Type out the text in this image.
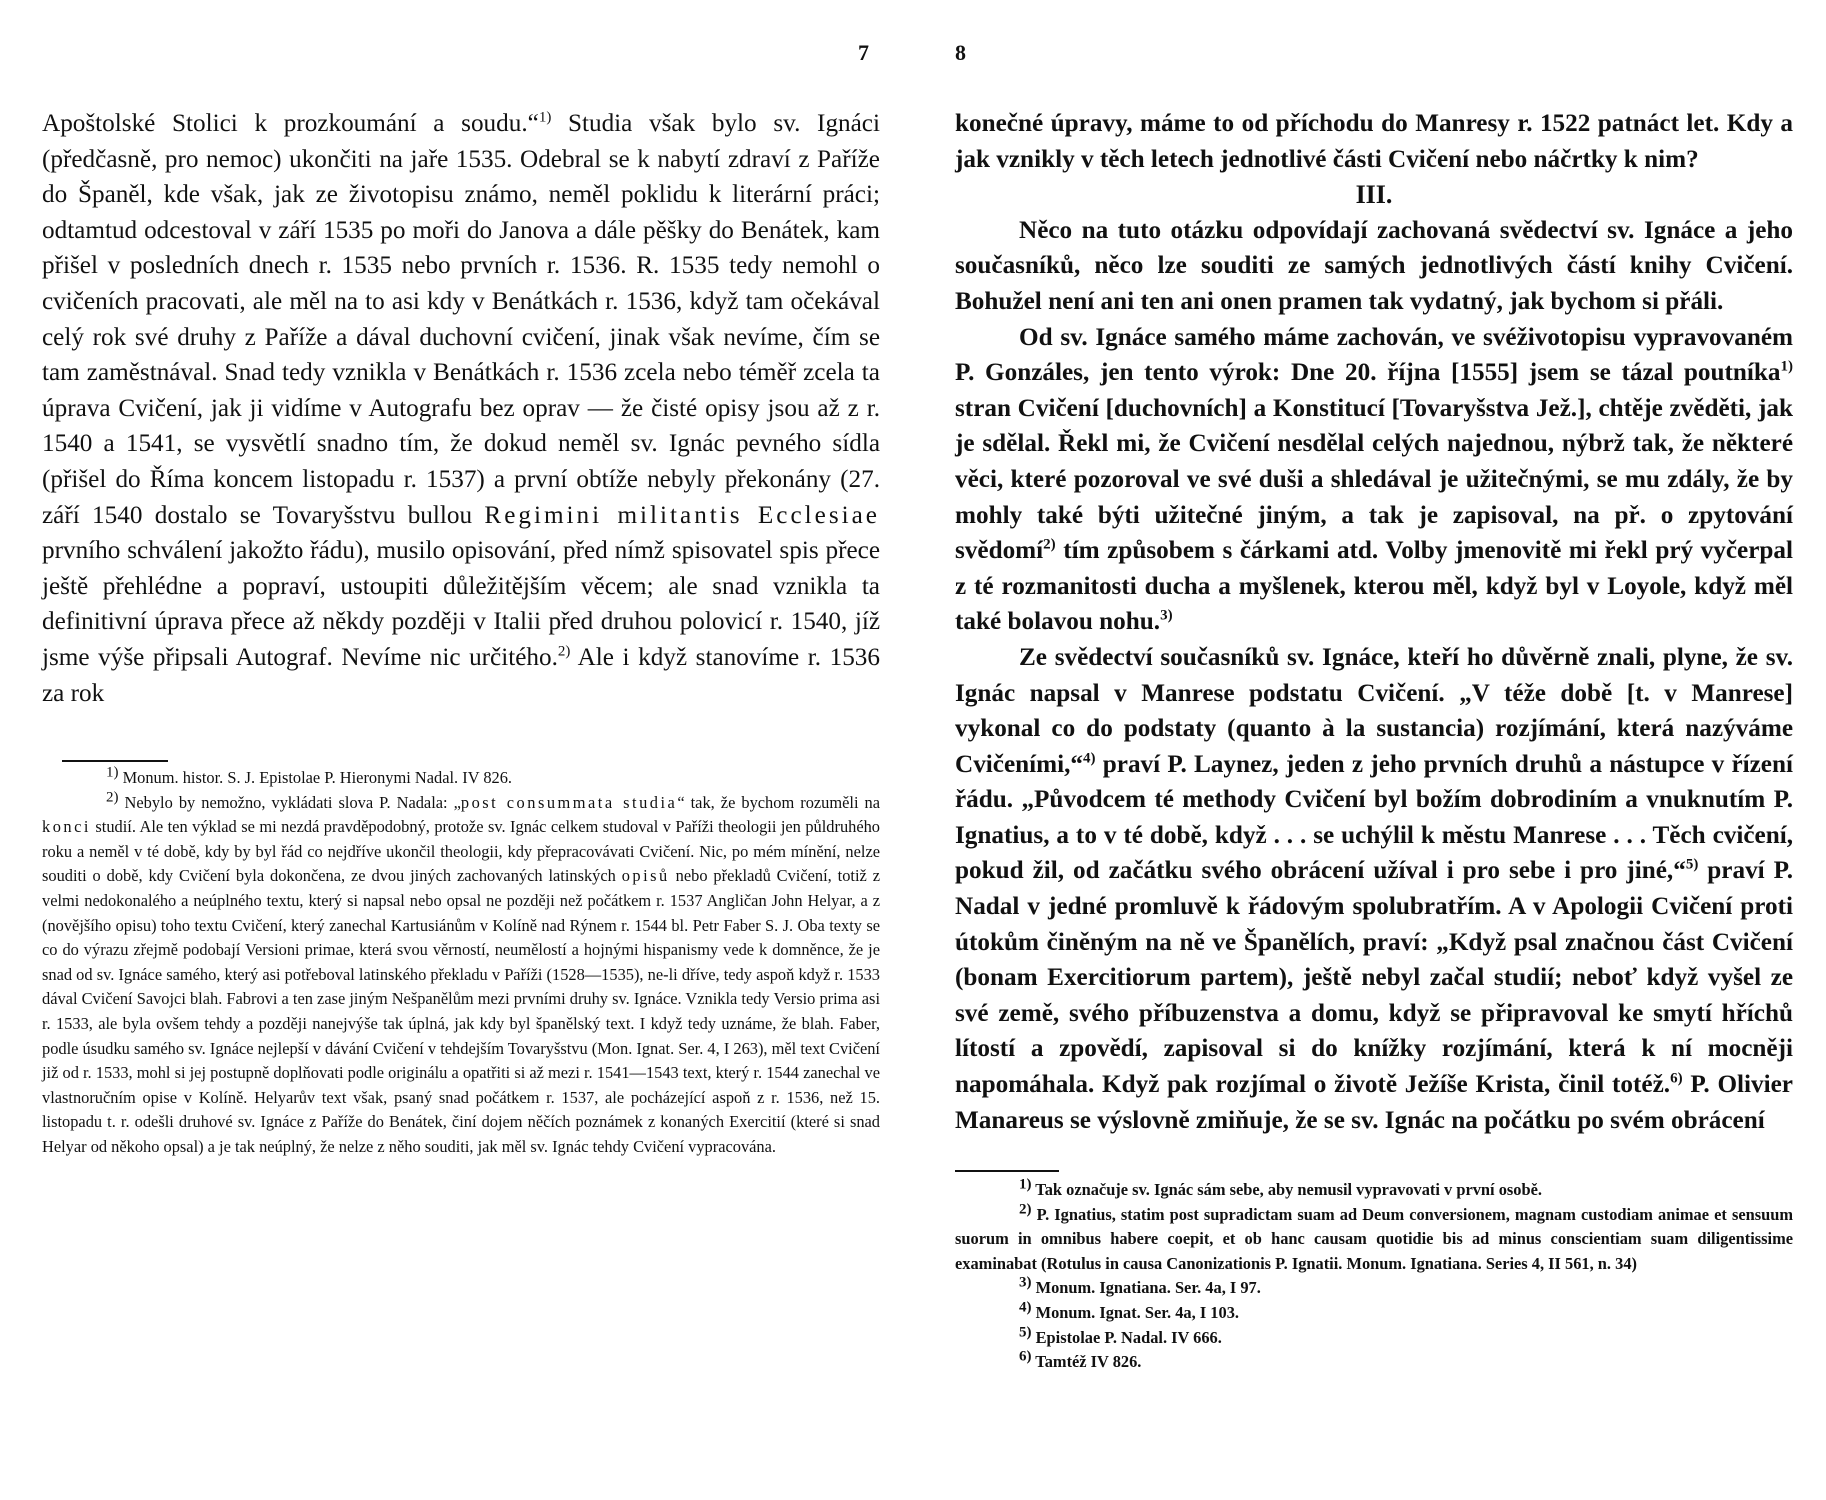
7

Apoštolské Stolici k prozkoumání a soudu.“$^{1)}$ Studia však bylo sv. Ignáci (předčasně, pro nemoc) ukončiti na jaře 1535. Odebral se k nabytí zdraví z Paříže do Španěl, kde však, jak ze životopisu známo, neměl poklidu k literární práci; odtamtud odcestoval v září 1535 po moři do Janova a dále pěšky do Benátek, kam přišel v posledních dnech r. 1535 nebo prvních r. 1536. R. 1535 tedy nemohl o cvičeních pracovati, ale měl na to asi kdy v Benátkách r. 1536, když tam očekával celý rok své druhy z Paříže a dával duchovní cvičení, jinak však nevíme, čím se tam zaměstnával. Snad tedy vznikla v Benátkách r. 1536 zcela nebo téměř zcela ta úprava Cvičení, jak ji vidíme v Autografu bez oprav — že čisté opisy jsou až z r. 1540 a 1541, se vysvětlí snadno tím, že dokud neměl sv. Ignác pevného sídla (přišel do Říma koncem listopadu r. 1537) a první obtíže nebyly překonány (27. září 1540 dostalo se Tovaryšstvu bullou Regimini militantis Ecclesiae prvního schválení jakožto řádu), musilo opisování, před nímž spisovatel spis přece ještě přehlédne a popraví, ustoupiti důležitějším věcem; ale snad vznikla ta definitivní úprava přece až někdy později v Italii před druhou polovicí r. 1540, jíž jsme výše připsali Autograf. Nevíme nic určitého.$^{2)}$ Ale i když stanovíme r. 1536 za rok

$^{1)}$ Monum. histor. S. J. Epistolae P. Hieronymi Nadal. IV 826.

$^{2)}$ Nebylo by nemožno, vykládati slova P. Nadala: „post consummata studia“ tak, že bychom rozuměli na konci studií. Ale ten výklad se mi nezdá pravděpodobný, protože sv. Ignác celkem studoval v Paříži theologii jen půldruhého roku a neměl v té době, kdy by byl řád co nejdříve ukončil theologii, kdy přepracovávati Cvičení. Nic, po mém mínění, nelze souditi o době, kdy Cvičení byla dokončena, ze dvou jiných zachovaných latinských opisů nebo překladů Cvičení, totiž z velmi nedokonalého a neúplného textu, který si napsal nebo opsal ne později než počátkem r. 1537 Angličan John Helyar, a z (novějšího opisu) toho textu Cvičení, který zanechal Kartusiánům v Kolíně nad Rýnem r. 1544 bl. Petr Faber S. J. Oba texty se co do výrazu zřejmě podobají Versioni primae, která svou věrností, neumělostí a hojnými hispanismy vede k domněnce, že je snad od sv. Ignáce samého, který asi potřeboval latinského překladu v Paříži (1528—1535), ne-li dříve, tedy aspoň když r. 1533 dával Cvičení Savojci blah. Fabrovi a ten zase jiným Nešpanělům mezi prvními druhy sv. Ignáce. Vznikla tedy Versio prima asi r. 1533, ale byla ovšem tehdy a později nanejvýše tak úplná, jak kdy byl španělský text. I když tedy uznáme, že blah. Faber, podle úsudku samého sv. Ignáce nejlepší v dávání Cvičení v tehdejším Tovaryšstvu (Mon. Ignat. Ser. 4, I 263), měl text Cvičení již od r. 1533, mohl si jej postupně doplňovati podle originálu a opatřiti si až mezi r. 1541—1543 text, který r. 1544 zanechal ve vlastnoručním opise v Kolíně. Helyarův text však, psaný snad počátkem r. 1537, ale pocházející aspoň z r. 1536, než 15. listopadu t. r. odešli druhové sv. Ignáce z Paříže do Benátek, činí dojem něčích poznámek z konaných Exercitií (které si snad Helyar od někoho opsal) a je tak neúplný, že nelze z něho souditi, jak měl sv. Ignác tehdy Cvičení vypracována.

8

konečné úpravy, máme to od příchodu do Manresy r. 1522 patnáct let. Kdy a jak vznikly v těch letech jednotlivé části Cvičení nebo náčrtky k nim?

III.

Něco na tuto otázku odpovídají zachovaná svědectví sv. Ignáce a jeho současníků, něco lze souditi ze samých jednotlivých částí knihy Cvičení. Bohužel není ani ten ani onen pramen tak vydatný, jak bychom si přáli.

Od sv. Ignáce samého máme zachován, ve svéživotopisu vypravovaném P. Gonzáles, jen tento výrok: Dne 20. října [1555] jsem se tázal poutníka$^{1)}$ stran Cvičení [duchovních] a Konstitucí [Tovaryšstva Jež.], chtěje zvěděti, jak je sdělal. Řekl mi, že Cvičení nesdělal celých najednou, nýbrž tak, že některé věci, které pozoroval ve své duši a shledával je užitečnými, se mu zdály, že by mohly také býti užitečné jiným, a tak je zapisoval, na př. o zpytování svědomí$^{2)}$ tím způsobem s čárkami atd. Volby jmenovitě mi řekl prý vyčerpal z té rozmanitosti ducha a myšlenek, kterou měl, když byl v Loyole, když měl také bolavou nohu.$^{3)}$

Ze svědectví současníků sv. Ignáce, kteří ho důvěrně znali, plyne, že sv. Ignác napsal v Manrese podstatu Cvičení. „V téže době [t. v Manrese] vykonal co do podstaty (quanto à la sustancia) rozjímání, která nazýváme Cvičeními,“$^{4)}$ praví P. Laynez, jeden z jeho prvních druhů a nástupce v řízení řádu. „Původcem té methody Cvičení byl božím dobrodiním a vnuknutím P. Ignatius, a to v té době, když . . . se uchýlil k městu Manrese . . . Těch cvičení, pokud žil, od začátku svého obrácení užíval i pro sebe i pro jiné,“$^{5)}$ praví P. Nadal v jedné promluvě k řádovým spolubratřím. A v Apologii Cvičení proti útokům činěným na ně ve Španělích, praví: „Když psal značnou část Cvičení (bonam Exercitiorum partem), ještě nebyl začal studií; neboť když vyšel ze své země, svého příbuzenstva a domu, když se připravoval ke smytí hříchů lítostí a zpovědí, zapisoval si do knížky rozjímání, která k ní mocněji napomáhala. Když pak rozjímal o životě Ježíše Krista, činil totéž.$^{6)}$ P. Olivier Manareus se výslovně zmiňuje, že se sv. Ignác na počátku po svém obrácení

$^{1)}$ Tak označuje sv. Ignác sám sebe, aby nemusil vypravovati v první osobě.

$^{2)}$ P. Ignatius, statim post supradictam suam ad Deum conversionem, magnam custodiam animae et sensuum suorum in omnibus habere coepit, et ob hanc causam quotidie bis ad minus conscientiam suam diligentissime examinabat (Rotulus in causa Canonizationis P. Ignatii. Monum. Ignatiana. Series 4, II 561, n. 34)

$^{3)}$ Monum. Ignatiana. Ser. 4a, I 97.

$^{4)}$ Monum. Ignat. Ser. 4a, I 103.

$^{5)}$ Epistolae P. Nadal. IV 666.

$^{6)}$ Tamtéž IV 826.
